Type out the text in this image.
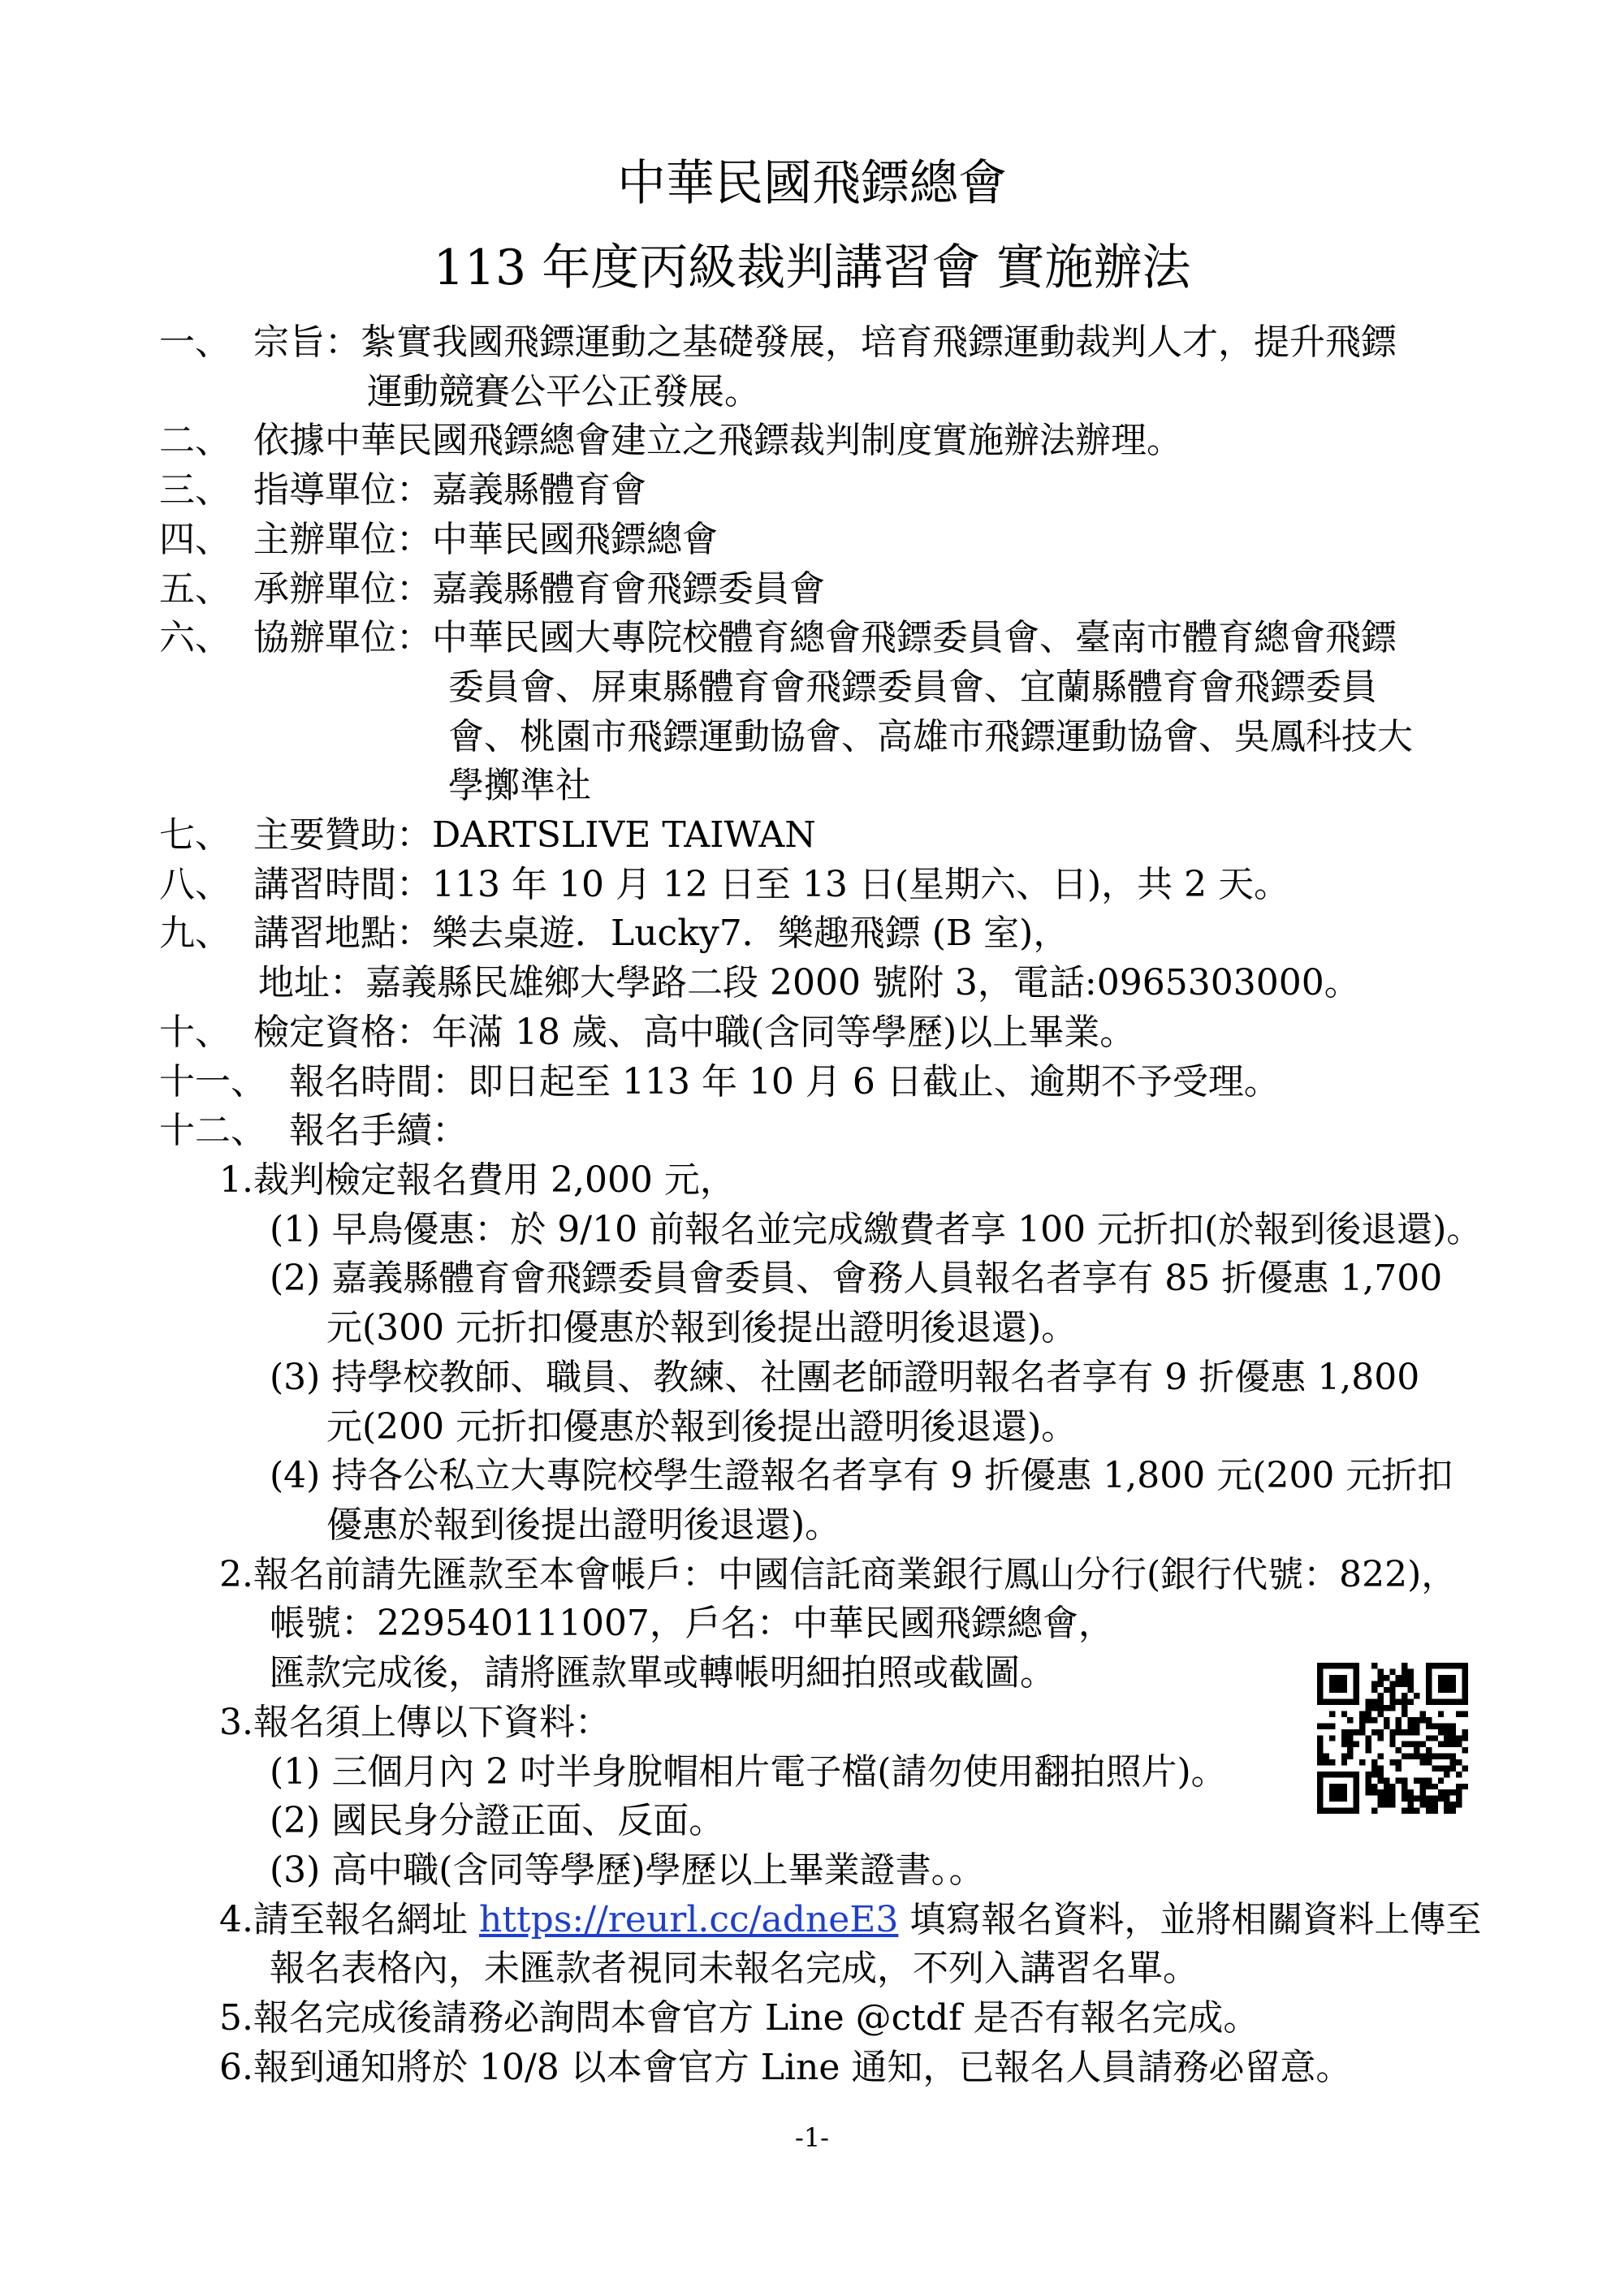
中華民國飛鏢總會
113 年度丙級裁判講習會 實施辦法
一、 宗旨：紮實我國飛鏢運動之基礎發展，培育飛鏢運動裁判人才，提升飛鏢
運動競賽公平公正發展。
二、 依據中華民國飛鏢總會建立之飛鏢裁判制度實施辦法辦理。
三、 指導單位：嘉義縣體育會
四、 主辦單位：中華民國飛鏢總會
五、 承辦單位：嘉義縣體育會飛鏢委員會
六、 協辦單位：中華民國大專院校體育總會飛鏢委員會、臺南市體育總會飛鏢
委員會、屏東縣體育會飛鏢委員會、宜蘭縣體育會飛鏢委員
會、桃園市飛鏢運動協會、高雄市飛鏢運動協會、吳鳳科技大
學擲準社
七、 主要贊助：DARTSLIVE TAIWAN
八、 講習時間：113 年 10 月 12 日至 13 日(星期六、日)，共 2 天。
九、 講習地點：樂去桌遊．Lucky7．樂趣飛鏢 (B 室)，
地址：嘉義縣民雄鄉大學路二段 2000 號附 3，電話:0965303000。
十、 檢定資格：年滿 18 歲、高中職(含同等學歷)以上畢業。
十一、 報名時間：即日起至 113 年 10 月 6 日截止、逾期不予受理。
十二、 報名手續：
1.裁判檢定報名費用 2,000 元，
(1) 早鳥優惠：於 9/10 前報名並完成繳費者享 100 元折扣(於報到後退還)。
(2) 嘉義縣體育會飛鏢委員會委員、會務人員報名者享有 85 折優惠 1,700
元(300 元折扣優惠於報到後提出證明後退還)。
(3) 持學校教師、職員、教練、社團老師證明報名者享有 9 折優惠 1,800
元(200 元折扣優惠於報到後提出證明後退還)。
(4) 持各公私立大專院校學生證報名者享有 9 折優惠 1,800 元(200 元折扣
優惠於報到後提出證明後退還)。
2.報名前請先匯款至本會帳戶：中國信託商業銀行鳳山分行(銀行代號：822)，
帳號：229540111007，戶名：中華民國飛鏢總會，
匯款完成後，請將匯款單或轉帳明細拍照或截圖。
3.報名須上傳以下資料：
(1) 三個月內 2 吋半身脫帽相片電子檔(請勿使用翻拍照片)。
(2) 國民身分證正面、反面。
(3) 高中職(含同等學歷)學歷以上畢業證書。。
4.請至報名網址 https://reurl.cc/adneE3 填寫報名資料，並將相關資料上傳至
報名表格內，未匯款者視同未報名完成，不列入講習名單。
5.報名完成後請務必詢問本會官方 Line @ctdf 是否有報名完成。
6.報到通知將於 10/8 以本會官方 Line 通知，已報名人員請務必留意。
-1-
